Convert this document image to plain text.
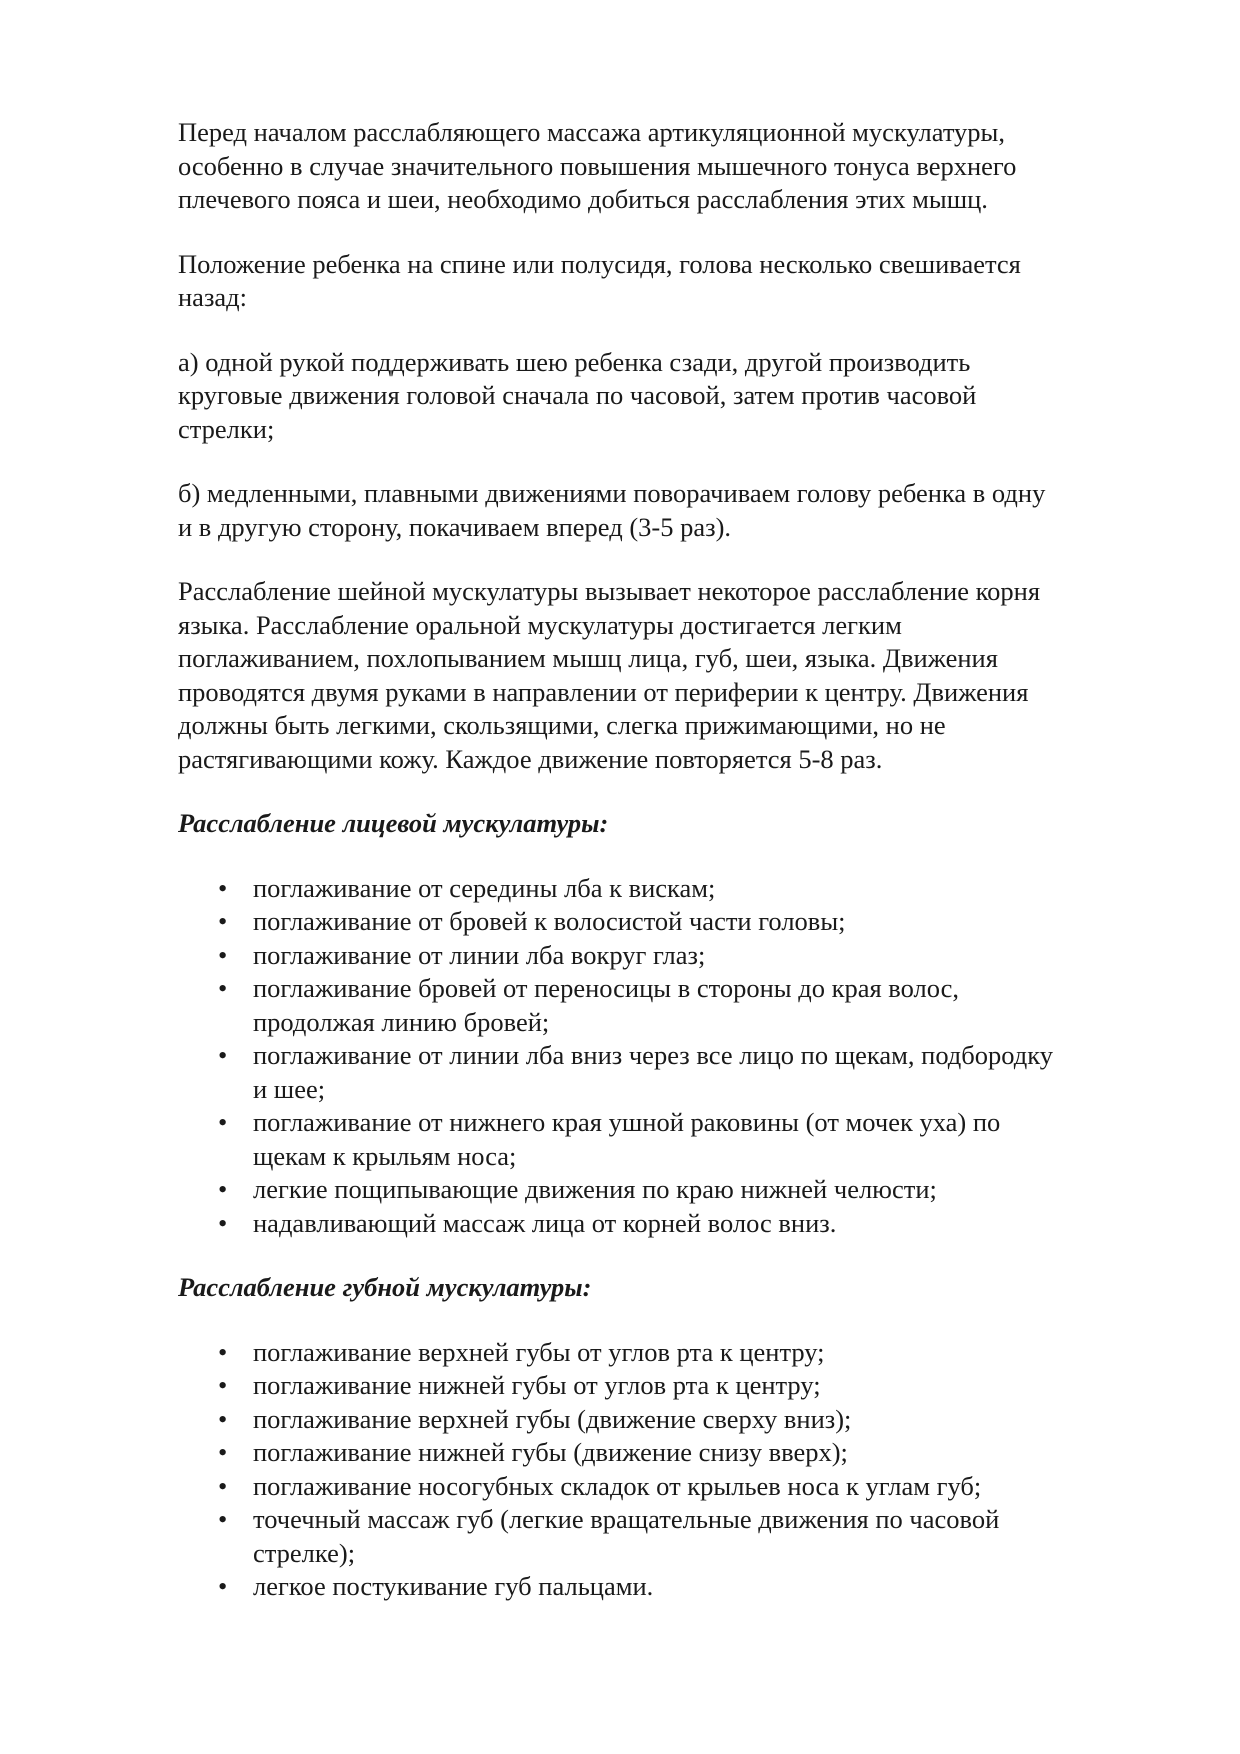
Перед началом расслабляющего массажа артикуляционной мускулатуры,
особенно в случае значительного повышения мышечного тонуса верхнего
плечевого пояса и шеи, необходимо добиться расслабления этих мышц.

Положение ребенка на спине или полусидя, голова несколько свешивается
назад:

а) одной рукой поддерживать шею ребенка сзади, другой производить
круговые движения головой сначала по часовой, затем против часовой
стрелки;

б) медленными, плавными движениями поворачиваем голову ребенка в одну
и в другую сторону, покачиваем вперед (3-5 раз).

Расслабление шейной мускулатуры вызывает некоторое расслабление корня
языка. Расслабление оральной мускулатуры достигается легким
поглаживанием, похлопыванием мышц лица, губ, шеи, языка. Движения
проводятся двумя руками в направлении от периферии к центру. Движения
должны быть легкими, скользящими, слегка прижимающими, но не
растягивающими кожу. Каждое движение повторяется 5-8 раз.

Расслабление лицевой мускулатуры:

• поглаживание от середины лба к вискам;
• поглаживание от бровей к волосистой части головы;
• поглаживание от линии лба вокруг глаз;
• поглаживание бровей от переносицы в стороны до края волос,
продолжая линию бровей;
• поглаживание от линии лба вниз через все лицо по щекам, подбородку
и шее;
• поглаживание от нижнего края ушной раковины (от мочек уха) по
щекам к крыльям носа;
• легкие пощипывающие движения по краю нижней челюсти;
• надавливающий массаж лица от корней волос вниз.

Расслабление губной мускулатуры:

• поглаживание верхней губы от углов рта к центру;
• поглаживание нижней губы от углов рта к центру;
• поглаживание верхней губы (движение сверху вниз);
• поглаживание нижней губы (движение снизу вверх);
• поглаживание носогубных складок от крыльев носа к углам губ;
• точечный массаж губ (легкие вращательные движения по часовой
стрелке);
• легкое постукивание губ пальцами.
